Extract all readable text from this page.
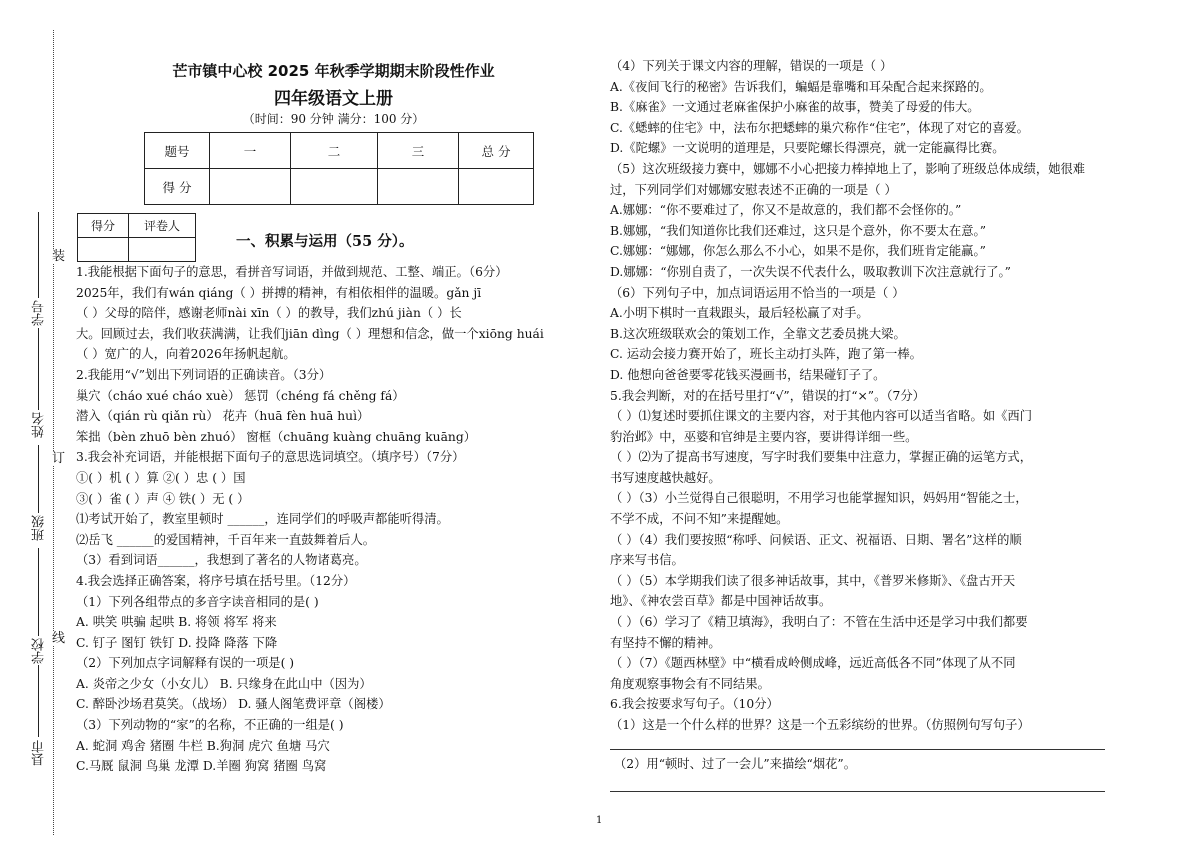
装
订
线
学号
姓名
班级
学校
县市
芒市镇中心校 2025 年秋季学期期末阶段性作业
四年级语文上册
（时间：90 分钟 满分：100 分）
题号	一	二	三	总 分
得 分				
得分	评卷人

一、积累与运用（55 分）。
1.我能根据下面句子的意思，看拼音写词语，并做到规范、工整、端正。（6分）
2025年，我们有wán qiáng（ ）拼搏的精神，有相依相伴的温暖。gǎn jī
（ ）父母的陪伴，感谢老师nài xīn（ ）的教导，我们zhú jiàn（ ）长
大。回顾过去，我们收获满满，让我们jiān dìng（ ）理想和信念，做一个xiōng huái
（ ）宽广的人，向着2026年扬帆起航。
2.我能用“√”划出下列词语的正确读音。（3分）
巢穴（cháo xué cháo xuè） 惩罚（chéng fá chěng fá）
潜入（qián rù qiǎn rù） 花卉（huā fèn huā huì）
笨拙（bèn zhuō bèn zhuó） 窗框（chuāng kuàng chuāng kuāng）
3.我会补充词语，并能根据下面句子的意思选词填空。（填序号）（7分）
①( ）机 ( ）算 ②( ）忠 ( ）国
③( ）雀 ( ）声 ④ 铁( ）无 ( ）
⑴考试开始了，教室里顿时 ______，连同学们的呼吸声都能听得清。
⑵岳飞 ______的爱国精神，千百年来一直鼓舞着后人。
（3）看到词语______，我想到了著名的人物诸葛亮。
4.我会选择正确答案，将序号填在括号里。（12分）
（1）下列各组带点的多音字读音相同的是( )
A. 哄笑 哄骗 起哄 B. 将领 将军 将来
C. 钉子 图钉 铁钉 D. 投降 降落 下降
（2）下列加点字词解释有误的一项是( )
A. 炎帝之少女（小女儿） B. 只缘身在此山中（因为）
C. 醉卧沙场君莫笑。（战场） D. 骚人阁笔费评章（阁楼）
（3）下列动物的“家”的名称，不正确的一组是( )
A. 蛇洞 鸡舍 猪圈 牛栏 B.狗洞 虎穴 鱼塘 马穴
C.马厩 鼠洞 鸟巢 龙潭 D.羊圈 狗窝 猪圈 鸟窝
（4）下列关于课文内容的理解，错误的一项是（ ）
A.《夜间飞行的秘密》告诉我们，蝙蝠是靠嘴和耳朵配合起来探路的。
B.《麻雀》一文通过老麻雀保护小麻雀的故事，赞美了母爱的伟大。
C.《蟋蟀的住宅》中，法布尔把蟋蟀的巢穴称作“住宅”，体现了对它的喜爱。
D.《陀螺》一文说明的道理是，只要陀螺长得漂亮，就一定能赢得比赛。
（5）这次班级接力赛中，娜娜不小心把接力棒掉地上了，影响了班级总体成绩，她很难
过，下列同学们对娜娜安慰表述不正确的一项是（ ）
A.娜娜：“你不要难过了，你又不是故意的，我们都不会怪你的。”
B.娜娜，“我们知道你比我们还难过，这只是个意外，你不要太在意。”
C.娜娜：“娜娜，你怎么那么不小心，如果不是你，我们班肯定能赢。”
D.娜娜：“你别自责了，一次失误不代表什么，吸取教训下次注意就行了。”
（6）下列句子中，加点词语运用不恰当的一项是（ ）
A.小明下棋时一直栽跟头，最后轻松赢了对手。
B.这次班级联欢会的策划工作，全靠文艺委员挑大梁。
C. 运动会接力赛开始了，班长主动打头阵，跑了第一棒。
D. 他想向爸爸要零花钱买漫画书，结果碰钉子了。
5.我会判断，对的在括号里打“√”，错误的打“×”。（7分）
（ ）⑴复述时要抓住课文的主要内容，对于其他内容可以适当省略。如《西门
豹治邺》中，巫婆和官绅是主要内容，要讲得详细一些。
（ ）⑵为了提高书写速度，写字时我们要集中注意力，掌握正确的运笔方式，
书写速度越快越好。
（ ）（3）小兰觉得自己很聪明，不用学习也能掌握知识，妈妈用“智能之士，
不学不成，不问不知”来提醒她。
（ ）（4）我们要按照“称呼、问候语、正文、祝福语、日期、署名”这样的顺
序来写书信。
（ ）（5）本学期我们读了很多神话故事，其中，《普罗米修斯》、《盘古开天
地》、《神农尝百草》都是中国神话故事。
（ ）（6）学习了《精卫填海》，我明白了：不管在生活中还是学习中我们都要
有坚持不懈的精神。
（ ）（7）《题西林壁》中“横看成岭侧成峰，远近高低各不同”体现了从不同
角度观察事物会有不同结果。
6.我会按要求写句子。（10分）
（1）这是一个什么样的世界？这是一个五彩缤纷的世界。（仿照例句写句子）
（2）用“顿时、过了一会儿”来描绘“烟花”。
1
